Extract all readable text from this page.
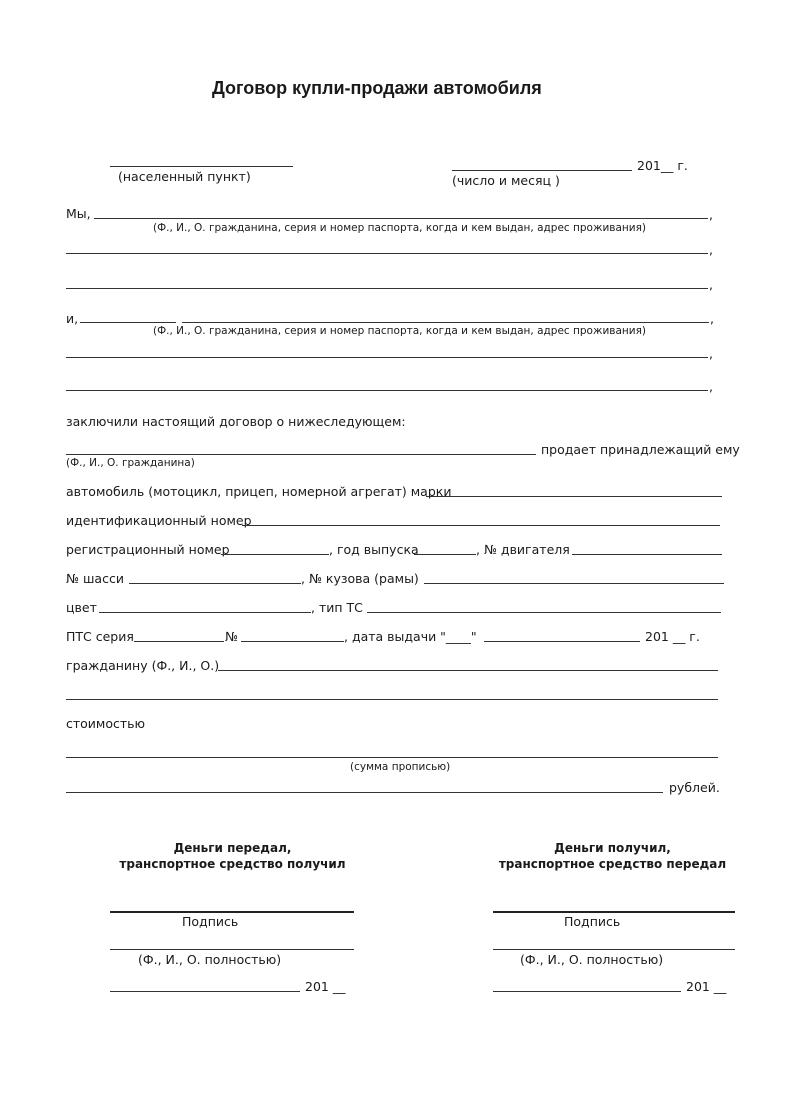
Договор купли-продажи автомобиля
(населенный пункт)
201__ г.
(число и месяц )
Мы,	,
(Ф., И., О. гражданина, серия и номер паспорта, когда и кем выдан, адрес проживания)
,
,
и,	,
(Ф., И., О. гражданина, серия и номер паспорта, когда и кем выдан, адрес проживания)
,
,
заключили настоящий договор о нижеследующем:
продает принадлежащий ему
(Ф., И., О. гражданина)
автомобиль (мотоцикл, прицеп, номерной агрегат) марки
идентификационный номер
регистрационный номер	, год выпуска	, № двигателя
№ шасси	, № кузова (рамы)
цвет	, тип ТС
ПТС серия	№	, дата выдачи "____"	201 __ г.
гражданину (Ф., И., О.)
стоимостью
(сумма прописью)
рублей.
Деньги передал,
транспортное средство получил
Подпись
(Ф., И., О. полностью)
201 __
Деньги получил,
транспортное средство передал
Подпись
(Ф., И., О. полностью)
201 __
